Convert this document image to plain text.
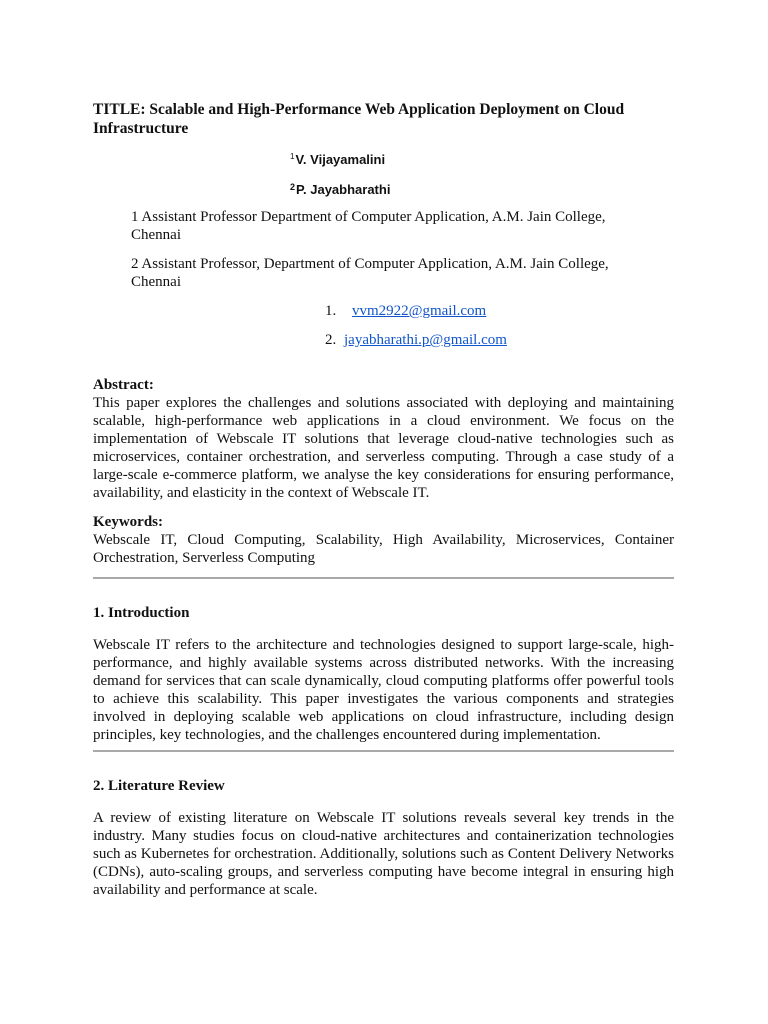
TITLE: Scalable and High-Performance Web Application Deployment on Cloud Infrastructure
$^1$V. Vijayamalini
$^2$P. Jayabharathi

1 Assistant Professor Department of Computer Application, A.M. Jain College, Chennai

2 Assistant Professor, Department of Computer Application, A.M. Jain College, Chennai

1. vvm2922@gmail.com
2. jayabharathi.p@gmail.com

Abstract:

This paper explores the challenges and solutions associated with deploying and maintaining scalable, high-performance web applications in a cloud environment. We focus on the implementation of Webscale IT solutions that leverage cloud-native technologies such as microservices, container orchestration, and serverless computing. Through a case study of a large-scale e-commerce platform, we analyse the key considerations for ensuring performance, availability, and elasticity in the context of Webscale IT.

Keywords:

Webscale IT, Cloud Computing, Scalability, High Availability, Microservices, Container Orchestration, Serverless Computing

1. Introduction

Webscale IT refers to the architecture and technologies designed to support large-scale, high-performance, and highly available systems across distributed networks. With the increasing demand for services that can scale dynamically, cloud computing platforms offer powerful tools to achieve this scalability. This paper investigates the various components and strategies involved in deploying scalable web applications on cloud infrastructure, including design principles, key technologies, and the challenges encountered during implementation.

2. Literature Review

A review of existing literature on Webscale IT solutions reveals several key trends in the industry. Many studies focus on cloud-native architectures and containerization technologies such as Kubernetes for orchestration. Additionally, solutions such as Content Delivery Networks (CDNs), auto-scaling groups, and serverless computing have become integral in ensuring high availability and performance at scale.
